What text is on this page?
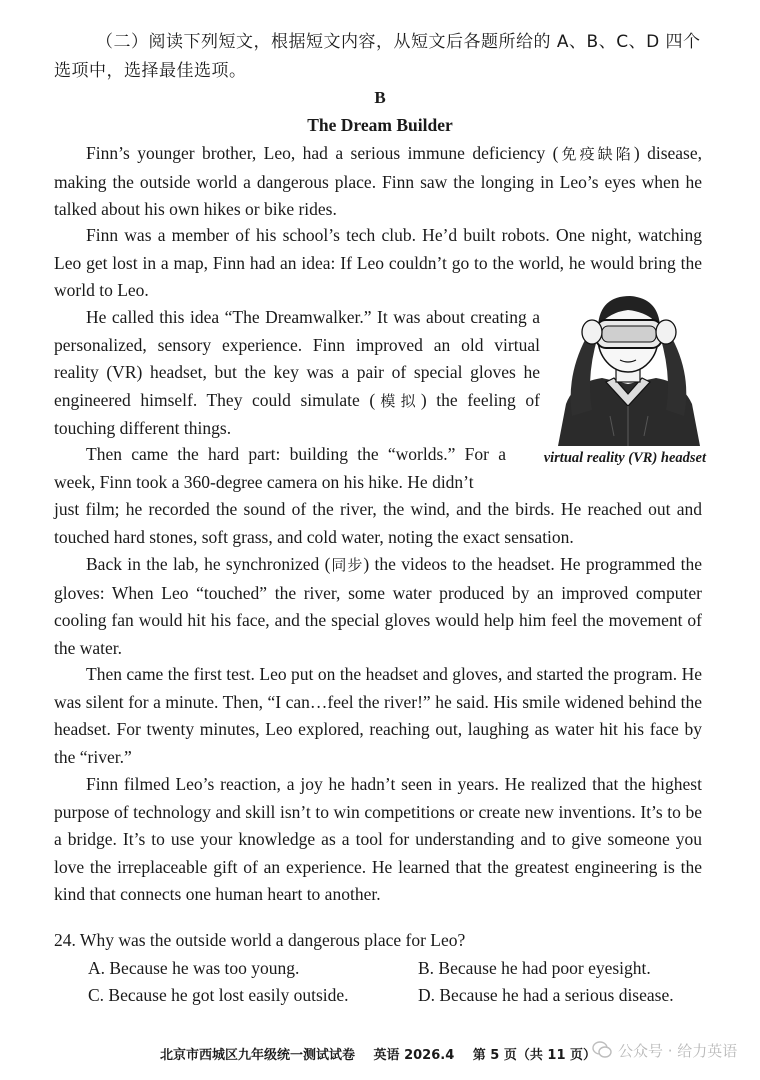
（二）阅读下列短文，根据短文内容，从短文后各题所给的 A、B、C、D 四个选项中，选择最佳选项。
B
The Dream Builder

Finn’s younger brother, Leo, had a serious immune deficiency (免疫缺陷) disease, making the outside world a dangerous place. Finn saw the longing in Leo’s eyes when he talked about his own hikes or bike rides.

Finn was a member of his school’s tech club. He’d built robots. One night, watching Leo get lost in a map, Finn had an idea: If Leo couldn’t go to the world, he would bring the world to Leo.

He called this idea “The Dreamwalker.” It was about creating a personalized, sensory experience. Finn improved an old virtual reality (VR) headset, but the key was a pair of special gloves he engineered himself. They could simulate (模拟) the feeling of touching different things.

Then came the hard part: building the “worlds.” For a week, Finn took a 360-degree camera on his hike. He didn’t

just film; he recorded the sound of the river, the wind, and the birds. He reached out and touched hard stones, soft grass, and cold water, noting the exact sensation.

Back in the lab, he synchronized (同步) the videos to the headset. He programmed the gloves: When Leo “touched” the river, some water produced by an improved computer cooling fan would hit his face, and the special gloves would help him feel the movement of the water.

Then came the first test. Leo put on the headset and gloves, and started the program. He was silent for a minute. Then, “I can…feel the river!” he said. His smile widened behind the headset. For twenty minutes, Leo explored, reaching out, laughing as water hit his face by the “river.”

Finn filmed Leo’s reaction, a joy he hadn’t seen in years. He realized that the highest purpose of technology and skill isn’t to win competitions or create new inventions. It’s to be a bridge. It’s to use your knowledge as a tool for understanding and to give someone you love the irreplaceable gift of an experience. He learned that the greatest engineering is the kind that connects one human heart to another.

virtual reality (VR) headset
24. Why was the outside world a dangerous place for Leo?
A. Because he was too young.	B. Because he had poor eyesight.
C. Because he got lost easily outside.	D. Because he had a serious disease.
北京市西城区九年级统一测试试卷 英语 2026.4 第 5 页（共 11 页）	公众号 · 给力英语
